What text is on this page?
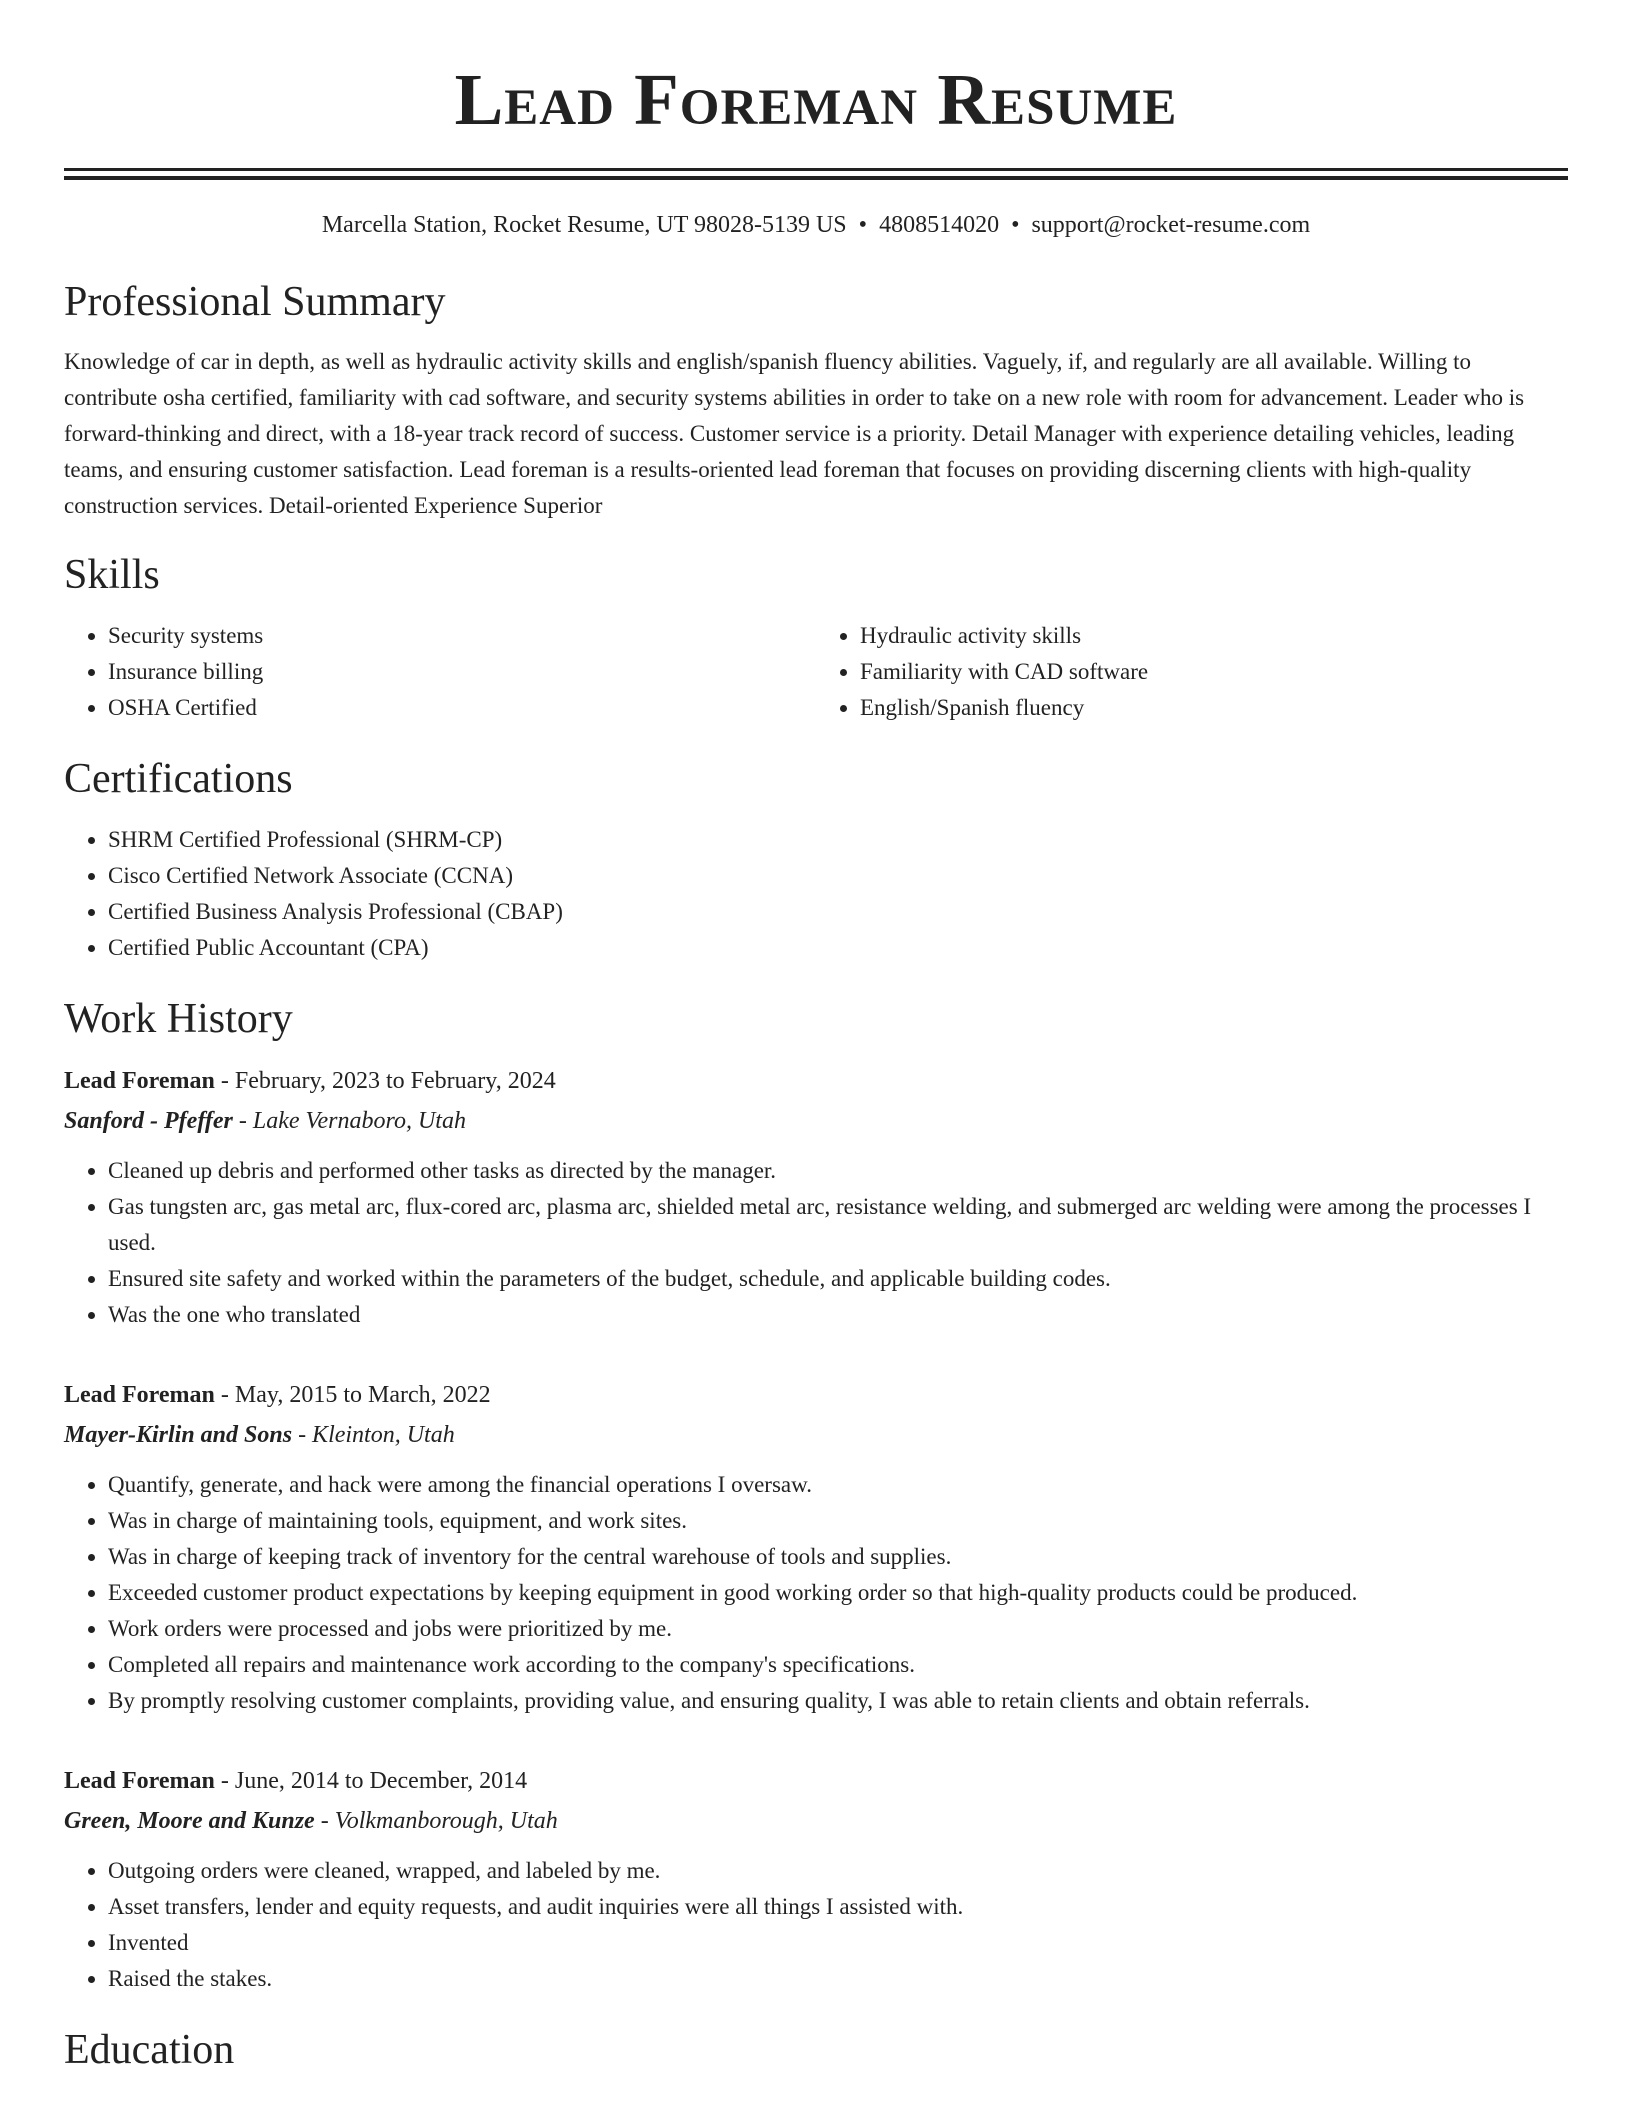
Lead Foreman Resume
Marcella Station, Rocket Resume, UT 98028-5139 US • 4808514020 • support@rocket-resume.com
Professional Summary

Knowledge of car in depth, as well as hydraulic activity skills and english/spanish fluency abilities. Vaguely, if, and regularly are all available. Willing to contribute osha certified, familiarity with cad software, and security systems abilities in order to take on a new role with room for advancement. Leader who is forward-thinking and direct, with a 18-year track record of success. Customer service is a priority. Detail Manager with experience detailing vehicles, leading teams, and ensuring customer satisfaction. Lead foreman is a results-oriented lead foreman that focuses on providing discerning clients with high-quality construction services. Detail-oriented Experience Superior

Skills
• Security systems
• Insurance billing
• OSHA Certified
• Hydraulic activity skills
• Familiarity with CAD software
• English/Spanish fluency
Certifications
• SHRM Certified Professional (SHRM-CP)
• Cisco Certified Network Associate (CCNA)
• Certified Business Analysis Professional (CBAP)
• Certified Public Accountant (CPA)
Work History
Lead Foreman - February, 2023 to February, 2024
Sanford - Pfeffer - Lake Vernaboro, Utah
• Cleaned up debris and performed other tasks as directed by the manager.
• Gas tungsten arc, gas metal arc, flux-cored arc, plasma arc, shielded metal arc, resistance welding, and submerged arc welding were among the processes I used.
• Ensured site safety and worked within the parameters of the budget, schedule, and applicable building codes.
• Was the one who translated
Lead Foreman - May, 2015 to March, 2022
Mayer-Kirlin and Sons - Kleinton, Utah
• Quantify, generate, and hack were among the financial operations I oversaw.
• Was in charge of maintaining tools, equipment, and work sites.
• Was in charge of keeping track of inventory for the central warehouse of tools and supplies.
• Exceeded customer product expectations by keeping equipment in good working order so that high-quality products could be produced.
• Work orders were processed and jobs were prioritized by me.
• Completed all repairs and maintenance work according to the company's specifications.
• By promptly resolving customer complaints, providing value, and ensuring quality, I was able to retain clients and obtain referrals.
Lead Foreman - June, 2014 to December, 2014
Green, Moore and Kunze - Volkmanborough, Utah
• Outgoing orders were cleaned, wrapped, and labeled by me.
• Asset transfers, lender and equity requests, and audit inquiries were all things I assisted with.
• Invented
• Raised the stakes.
Education
